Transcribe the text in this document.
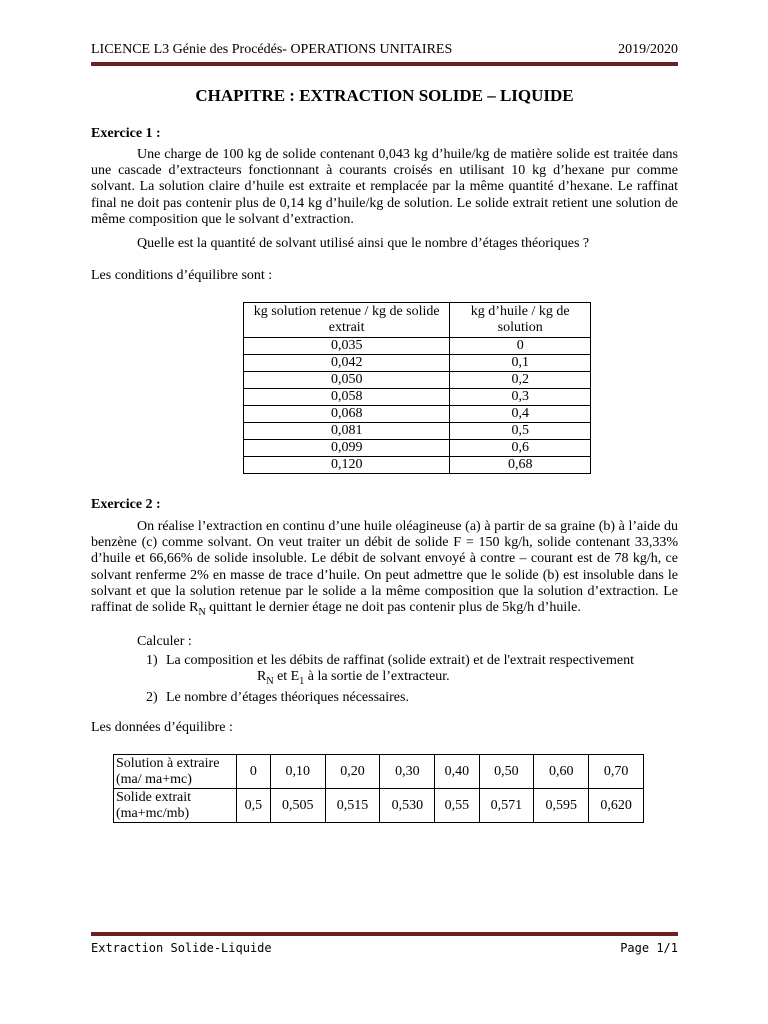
LICENCE L3 Génie des Procédés- OPERATIONS UNITAIRES	2019/2020
CHAPITRE : EXTRACTION SOLIDE – LIQUIDE
Exercice 1 :
Une charge de 100 kg de solide contenant 0,043 kg d’huile/kg de matière solide est traitée dans une cascade d’extracteurs fonctionnant à courants croisés en utilisant 10 kg d’hexane pur comme solvant. La solution claire d’huile est extraite et remplacée par la même quantité d’hexane. Le raffinat final ne doit pas contenir plus de 0,14 kg d’huile/kg de solution. Le solide extrait retient une solution de même composition que le solvant d’extraction.
Quelle est la quantité de solvant utilisé ainsi que le nombre d’étages théoriques ?
Les conditions d’équilibre sont :
kg solution retenue / kg de solide extrait	kg d’huile / kg de solution
0,035	0
0,042	0,1
0,050	0,2
0,058	0,3
0,068	0,4
0,081	0,5
0,099	0,6
0,120	0,68
Exercice 2 :
On réalise l’extraction en continu d’une huile oléagineuse (a) à partir de sa graine (b) à l’aide du benzène (c) comme solvant. On veut traiter un débit de solide F = 150 kg/h, solide contenant 33,33% d’huile et 66,66% de solide insoluble. Le débit de solvant envoyé à contre – courant est de 78 kg/h, ce solvant renferme 2% en masse de trace d’huile. On peut admettre que le solide (b) est insoluble dans le solvant et que la solution retenue par le solide a la même composition que la solution d’extraction. Le raffinat de solide $R_N$ quittant le dernier étage ne doit pas contenir plus de 5kg/h d’huile.
Calculer :
1) La composition et les débits de raffinat (solide extrait) et de l'extrait respectivement
$R_N$ et $E_1$ à la sortie de l’extracteur.
2) Le nombre d’étages théoriques nécessaires.
Les données d’équilibre :
Solution à extraire (ma/ ma+mc)	0	0,10	0,20	0,30	0,40	0,50	0,60	0,70
Solide extrait (ma+mc/mb)	0,5	0,505	0,515	0,530	0,55	0,571	0,595	0,620
Extraction Solide-Liquide	Page 1/1
